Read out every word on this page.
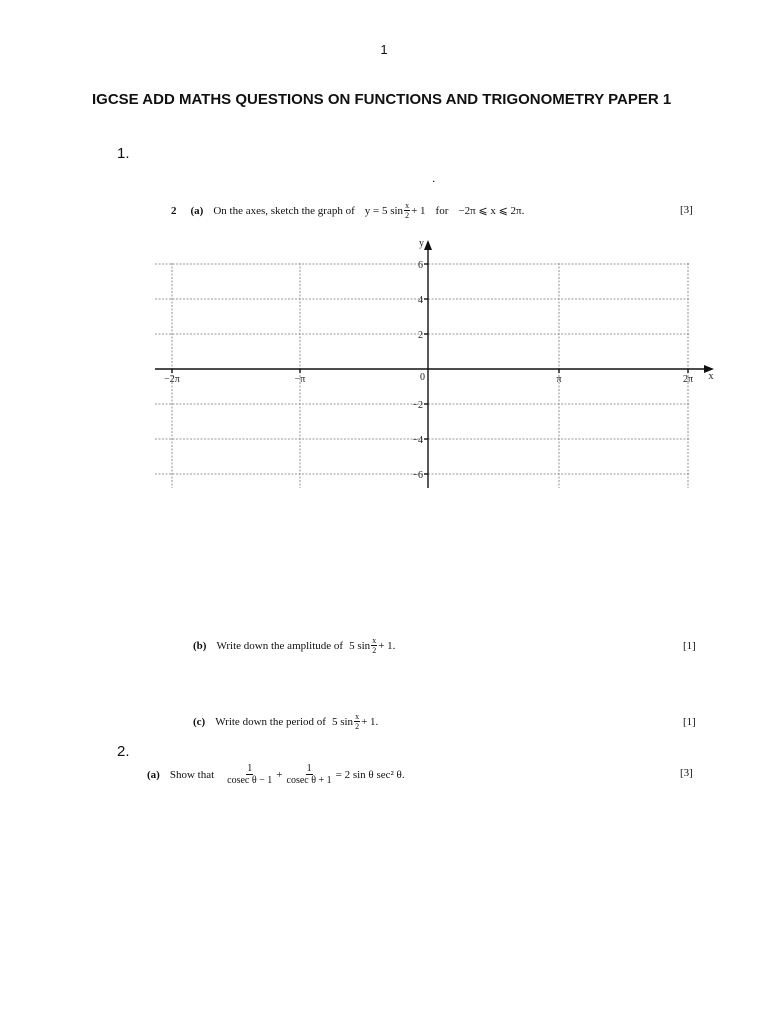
1
IGCSE ADD MATHS QUESTIONS ON FUNCTIONS AND TRIGONOMETRY PAPER 1
1.
.
2 (a) On the axes, sketch the graph of y = 5 $\sin \frac{x}{2} + 1$ for −2π ⩽ x ⩽ 2π.	[3]
y
x
0
−2π	−π	π	2π
6
4
2
−2
−4
−6
(b) Write down the amplitude of 5 $\sin \frac{x}{2} + 1$.	[1]
(c) Write down the period of 5 $\sin \frac{x}{2} + 1$.	[1]
2.
(a) Show that $\frac{1}{\text{cosec θ − 1}} + \frac{1}{\text{cosec θ + 1}} = 2$ sin θ sec² θ.	[3]
